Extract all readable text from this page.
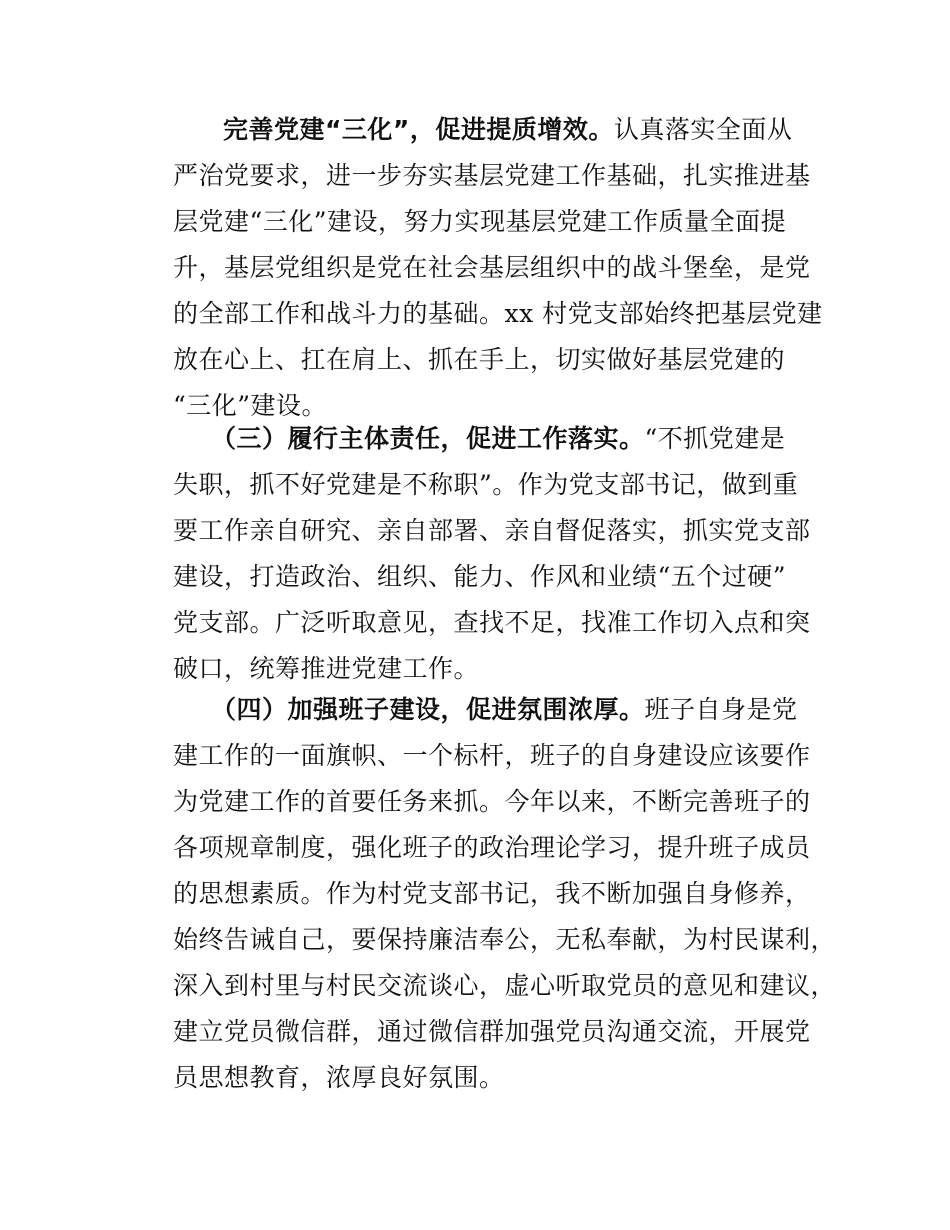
完善党建“三化”，促进提质增效。认真落实全面从
严治党要求，进一步夯实基层党建工作基础，扎实推进基
层党建“三化”建设，努力实现基层党建工作质量全面提
升，基层党组织是党在社会基层组织中的战斗堡垒，是党
的全部工作和战斗力的基础。xx 村党支部始终把基层党建
放在心上、扛在肩上、抓在手上，切实做好基层党建的
“三化”建设。
（三）履行主体责任，促进工作落实。“不抓党建是
失职，抓不好党建是不称职”。作为党支部书记，做到重
要工作亲自研究、亲自部署、亲自督促落实，抓实党支部
建设，打造政治、组织、能力、作风和业绩“五个过硬”
党支部。广泛听取意见，查找不足，找准工作切入点和突
破口，统筹推进党建工作。
（四）加强班子建设，促进氛围浓厚。班子自身是党
建工作的一面旗帜、一个标杆，班子的自身建设应该要作
为党建工作的首要任务来抓。今年以来，不断完善班子的
各项规章制度，强化班子的政治理论学习，提升班子成员
的思想素质。作为村党支部书记，我不断加强自身修养，
始终告诫自己，要保持廉洁奉公，无私奉献，为村民谋利，
深入到村里与村民交流谈心，虚心听取党员的意见和建议，
建立党员微信群，通过微信群加强党员沟通交流，开展党
员思想教育，浓厚良好氛围。
